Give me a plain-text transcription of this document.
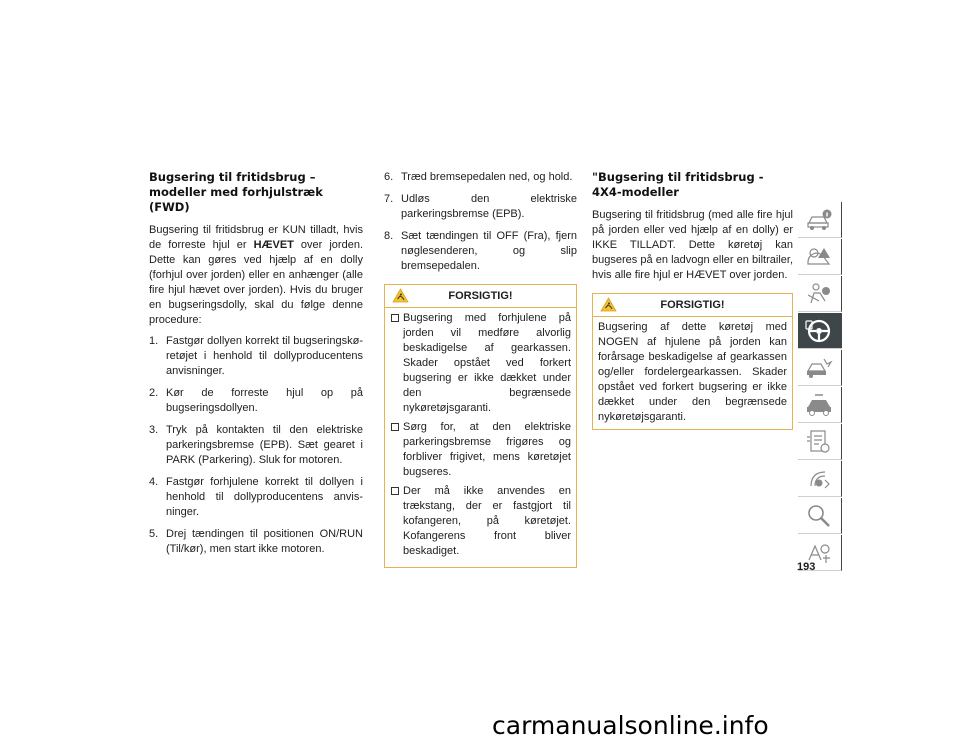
Bugsering til fritidsbrug – modeller med forhjulstræk (FWD)

Bugsering til fritidsbrug er KUN tilladt, hvis de forreste hjul er HÆVET over jorden. Dette kan gøres ved hjælp af en dolly (forhjul over jorden) eller en anhænger (alle fire hjul hævet over jorden). Hvis du bruger en bugseringsdolly, skal du følge denne procedure:

1. Fastgør dollyen korrekt til bugseringskøretøjet i henhold til dollyproducentens anvisninger.
2. Kør de forreste hjul op på bugseringsdollyen.
3. Tryk på kontakten til den elektriske parkeringsbremse (EPB). Sæt gearet i PARK (Parkering). Sluk for motoren.
4. Fastgør forhjulene korrekt til dollyen i henhold til dollyproducentens anvisninger.
5. Drej tændingen til positionen ON/RUN (Til/kør), men start ikke motoren.
6. Træd bremsepedalen ned, og hold.
7. Udløs den elektriske parkeringsbremse (EPB).
8. Sæt tændingen til OFF (Fra), fjern nøglesenderen, og slip bremsepedalen.
FORSIGTIG!
Bugsering med forhjulene på jorden vil medføre alvorlig beskadigelse af gearkassen. Skader opstået ved forkert bugsering er ikke dækket under den begrænsede nykøretøjsgaranti.
Sørg for, at den elektriske parkeringsbremse frigøres og forbliver frigivet, mens køretøjet bugseres.
Der må ikke anvendes en trækstang, der er fastgjort til kofangeren, på køretøjet. Kofangerens front bliver beskadiget.
"Bugsering til fritidsbrug - 4X4-modeller

Bugsering til fritidsbrug (med alle fire hjul på jorden eller ved hjælp af en dolly) er IKKE TILLADT. Dette køretøj kan bugseres på en ladvogn eller en biltrailer, hvis alle fire hjul er HÆVET over jorden.

FORSIGTIG!

Bugsering af dette køretøj med NOGEN af hjulene på jorden kan forårsage beskadigelse af gearkassen og/eller fordelergearkassen. Skader opstået ved forkert bugsering er ikke dækket under den begrænsede nykøretøjsgaranti.

193
carmanualsonline.info
